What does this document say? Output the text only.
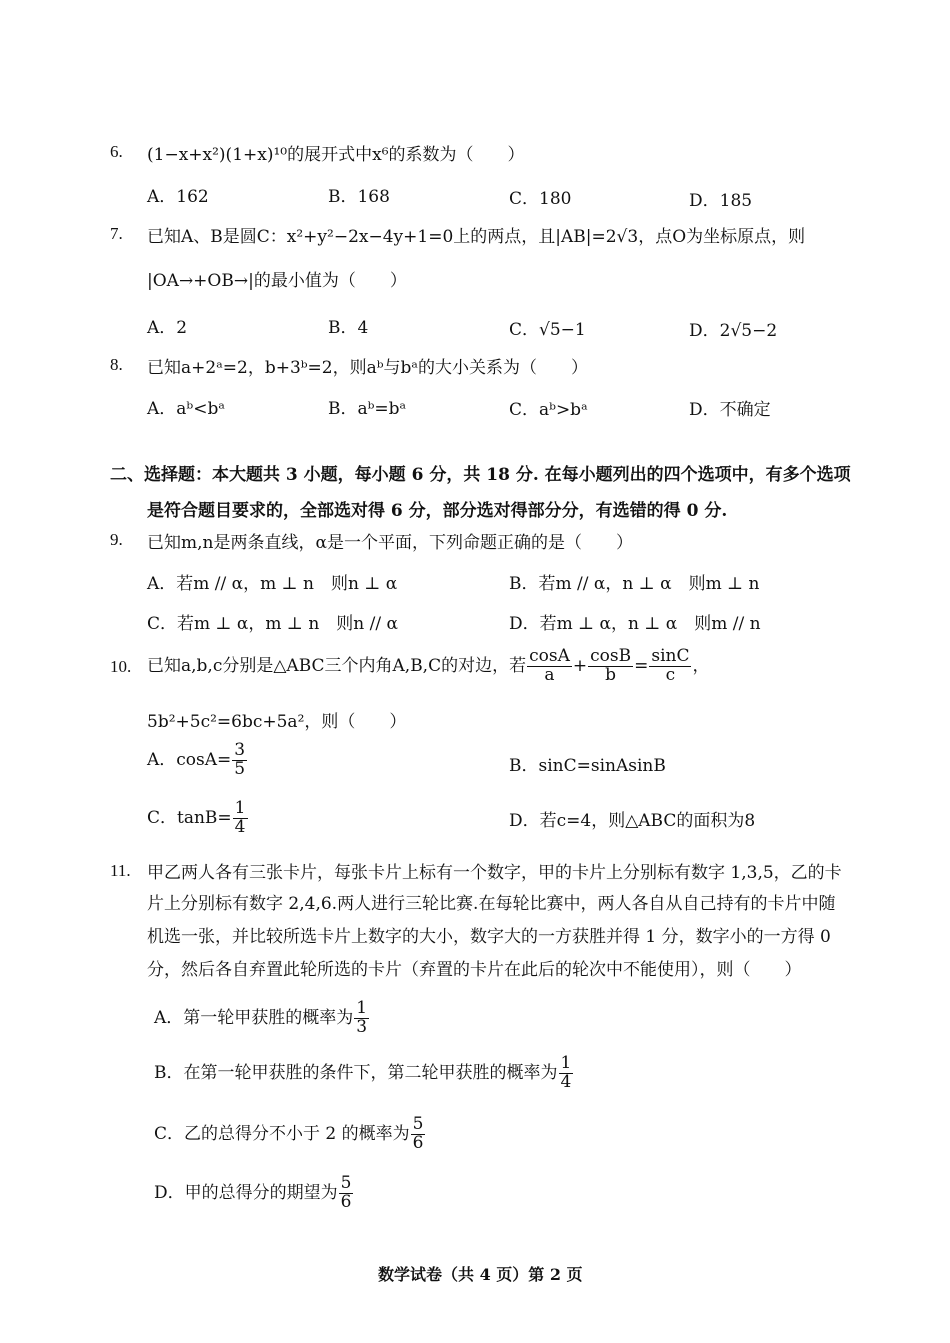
6. (1−x+x²)(1+x)¹⁰的展开式中x⁶的系数为（　　）
A．162	B．168	C．180	D．185
7. 已知A、B是圆C：x²+y²−2x−4y+1=0上的两点，且|AB|=2√3，点O为坐标原点，则
|OA→+OB→|的最小值为（　　）
A．2	B．4	C．√5−1	D．2√5−2
8. 已知a+2ᵃ=2，b+3ᵇ=2，则aᵇ与bᵃ的大小关系为（　　）
A．aᵇ<bᵃ	B．aᵇ=bᵃ	C．aᵇ>bᵃ	D．不确定
二、选择题：本大题共 3 小题，每小题 6 分，共 18 分. 在每小题列出的四个选项中，有多个选项
是符合题目要求的，全部选对得 6 分，部分选对得部分分，有选错的得 0 分.
9. 已知m,n是两条直线，α是一个平面，下列命题正确的是（　　）
A．若m // α，m ⊥ n　则n ⊥ α	B．若m // α，n ⊥ α　则m ⊥ n
C．若m ⊥ α，m ⊥ n　则n // α	D．若m ⊥ α，n ⊥ α　则m // n
10. 已知a,b,c分别是△ABC三个内角A,B,C的对边，若 $\frac{\cos A}{a} + \frac{\cos B}{b} = \frac{\sin C}{c}$ ，
5b²+5c²=6bc+5a²，则（　　）
A．$\cos A= \frac{3}{5}$	B．sinC=sinAsinB
C．$\tan B= \frac{1}{4}$	D．若c=4，则△ABC的面积为8
11. 甲乙两人各有三张卡片，每张卡片上标有一个数字，甲的卡片上分别标有数字 1,3,5，乙的卡
片上分别标有数字 2,4,6.两人进行三轮比赛.在每轮比赛中，两人各自从自己持有的卡片中随
机选一张，并比较所选卡片上数字的大小，数字大的一方获胜并得 1 分，数字小的一方得 0
分，然后各自弃置此轮所选的卡片（弃置的卡片在此后的轮次中不能使用），则（　　）
A．第一轮甲获胜的概率为 $\frac{1}{3}$
B．在第一轮甲获胜的条件下，第二轮甲获胜的概率为 $\frac{1}{4}$
C．乙的总得分不小于 2 的概率为 $\frac{5}{6}$
D．甲的总得分的期望为 $\frac{5}{6}$
数学试卷（共 4 页）第 2 页
